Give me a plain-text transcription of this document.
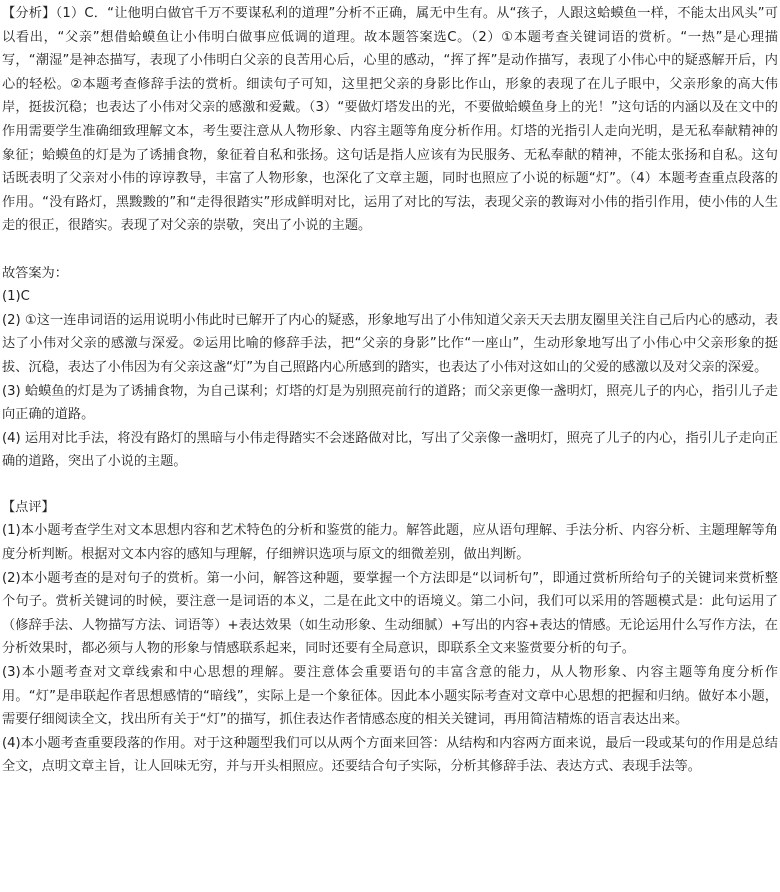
【分析】（1）C．“让他明白做官千万不要谋私利的道理”分析不正确，属无中生有。从“孩子，人跟这蛤蟆鱼一样，不能太出风头”可以看出，“父亲”想借蛤蟆鱼让小伟明白做事应低调的道理。故本题答案选C。（2）①本题考查关键词语的赏析。“一热”是心理描写，“潮湿”是神态描写，表现了小伟明白父亲的良苦用心后，心里的感动，“挥了挥”是动作描写，表现了小伟心中的疑惑解开后，内心的轻松。②本题考查修辞手法的赏析。细读句子可知，这里把父亲的身影比作山，形象的表现了在儿子眼中，父亲形象的高大伟岸，挺拔沉稳；也表达了小伟对父亲的感激和爱戴。（3）“要做灯塔发出的光，不要做蛤蟆鱼身上的光！”这句话的内涵以及在文中的作用需要学生准确细致理解文本，考生要注意从人物形象、内容主题等角度分析作用。灯塔的光指引人走向光明，是无私奉献精神的象征；蛤蟆鱼的灯是为了诱捕食物，象征着自私和张扬。这句话是指人应该有为民服务、无私奉献的精神，不能太张扬和自私。这句话既表明了父亲对小伟的谆谆教导，丰富了人物形象，也深化了文章主题，同时也照应了小说的标题“灯”。（4）本题考查重点段落的作用。“没有路灯，黑黢黢的”和“走得很踏实”形成鲜明对比，运用了对比的写法，表现父亲的教诲对小伟的指引作用，使小伟的人生走的很正，很踏实。表现了对父亲的崇敬，突出了小说的主题。

故答案为：

(1)C

(2) ①这一连串词语的运用说明小伟此时已解开了内心的疑惑，形象地写出了小伟知道父亲天天去朋友圈里关注自己后内心的感动，表达了小伟对父亲的感激与深爱。②运用比喻的修辞手法，把“父亲的身影”比作“一座山”，生动形象地写出了小伟心中父亲形象的挺拔、沉稳，表达了小伟因为有父亲这盏“灯”为自己照路内心所感到的踏实，也表达了小伟对这如山的父爱的感激以及对父亲的深爱。

(3) 蛤蟆鱼的灯是为了诱捕食物，为自己谋利；灯塔的灯是为别照亮前行的道路；而父亲更像一盏明灯，照亮儿子的内心，指引儿子走向正确的道路。

(4) 运用对比手法，将没有路灯的黑暗与小伟走得踏实不会迷路做对比，写出了父亲像一盏明灯，照亮了儿子的内心，指引儿子走向正确的道路，突出了小说的主题。

【点评】

(1)本小题考查学生对文本思想内容和艺术特色的分析和鉴赏的能力。解答此题，应从语句理解、手法分析、内容分析、主题理解等角度分析判断。根据对文本内容的感知与理解，仔细辨识选项与原文的细微差别，做出判断。

(2)本小题考查的是对句子的赏析。第一小问，解答这种题，要掌握一个方法即是“以词析句”，即通过赏析所给句子的关键词来赏析整个句子。赏析关键词的时候，要注意一是词语的本义，二是在此文中的语境义。第二小问，我们可以采用的答题模式是：此句运用了（修辞手法、人物描写方法、词语等）+表达效果（如生动形象、生动细腻）+写出的内容+表达的情感。无论运用什么写作方法，在分析效果时，都必须与人物的形象与情感联系起来，同时还要有全局意识，即联系全文来鉴赏要分析的句子。

(3)本小题考查对文章线索和中心思想的理解。要注意体会重要语句的丰富含意的能力，从人物形象、内容主题等角度分析作用。“灯”是串联起作者思想感情的“暗线”，实际上是一个象征体。因此本小题实际考查对文章中心思想的把握和归纳。做好本小题，需要仔细阅读全文，找出所有关于“灯”的描写，抓住表达作者情感态度的相关关键词，再用简洁精炼的语言表达出来。

(4)本小题考查重要段落的作用。对于这种题型我们可以从两个方面来回答：从结构和内容两方面来说，最后一段或某句的作用是总结全文，点明文章主旨，让人回味无穷，并与开头相照应。还要结合句子实际，分析其修辞手法、表达方式、表现手法等。
